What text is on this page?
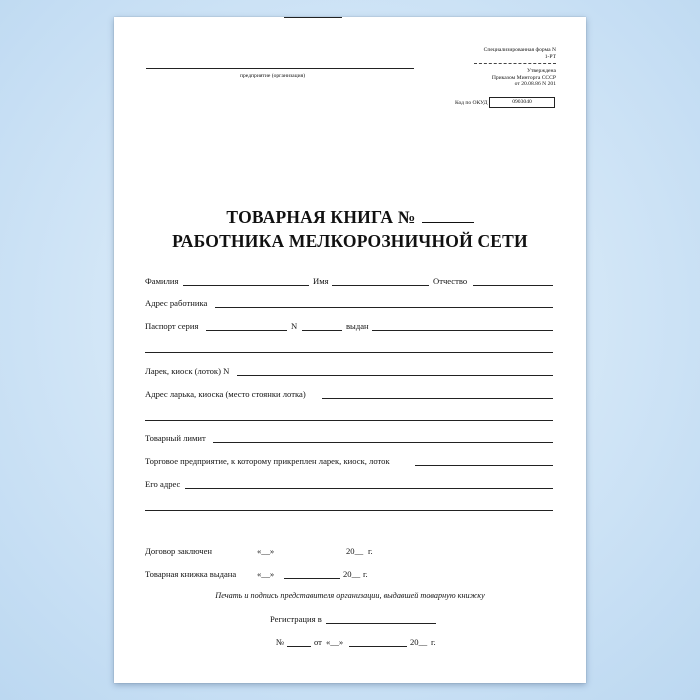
предприятие (организация)
Специализированная форма N
1-РТ
Утверждена
Приказом Минторга СССР
от 20.08.86 N 201
Код по ОКУД	0903040
ТОВАРНАЯ КНИГА №
РАБОТНИКА МЕЛКОРОЗНИЧНОЙ СЕТИ
Фамилия	Имя	Отчество
Адрес работника
Паспорт серия	N	выдан
Ларек, киоск (лоток) N
Адрес ларька, киоска (место стоянки лотка)
Товарный лимит
Торговое предприятие, к которому прикреплен ларек, киоск, лоток
Его адрес
Договор заключен	«__»	20__ г.
Товарная книжка выдана «__»	20__ г.
Печать и подпись представителя организации, выдавшей товарную книжку
Регистрация в
№	от «__»	20__ г.
